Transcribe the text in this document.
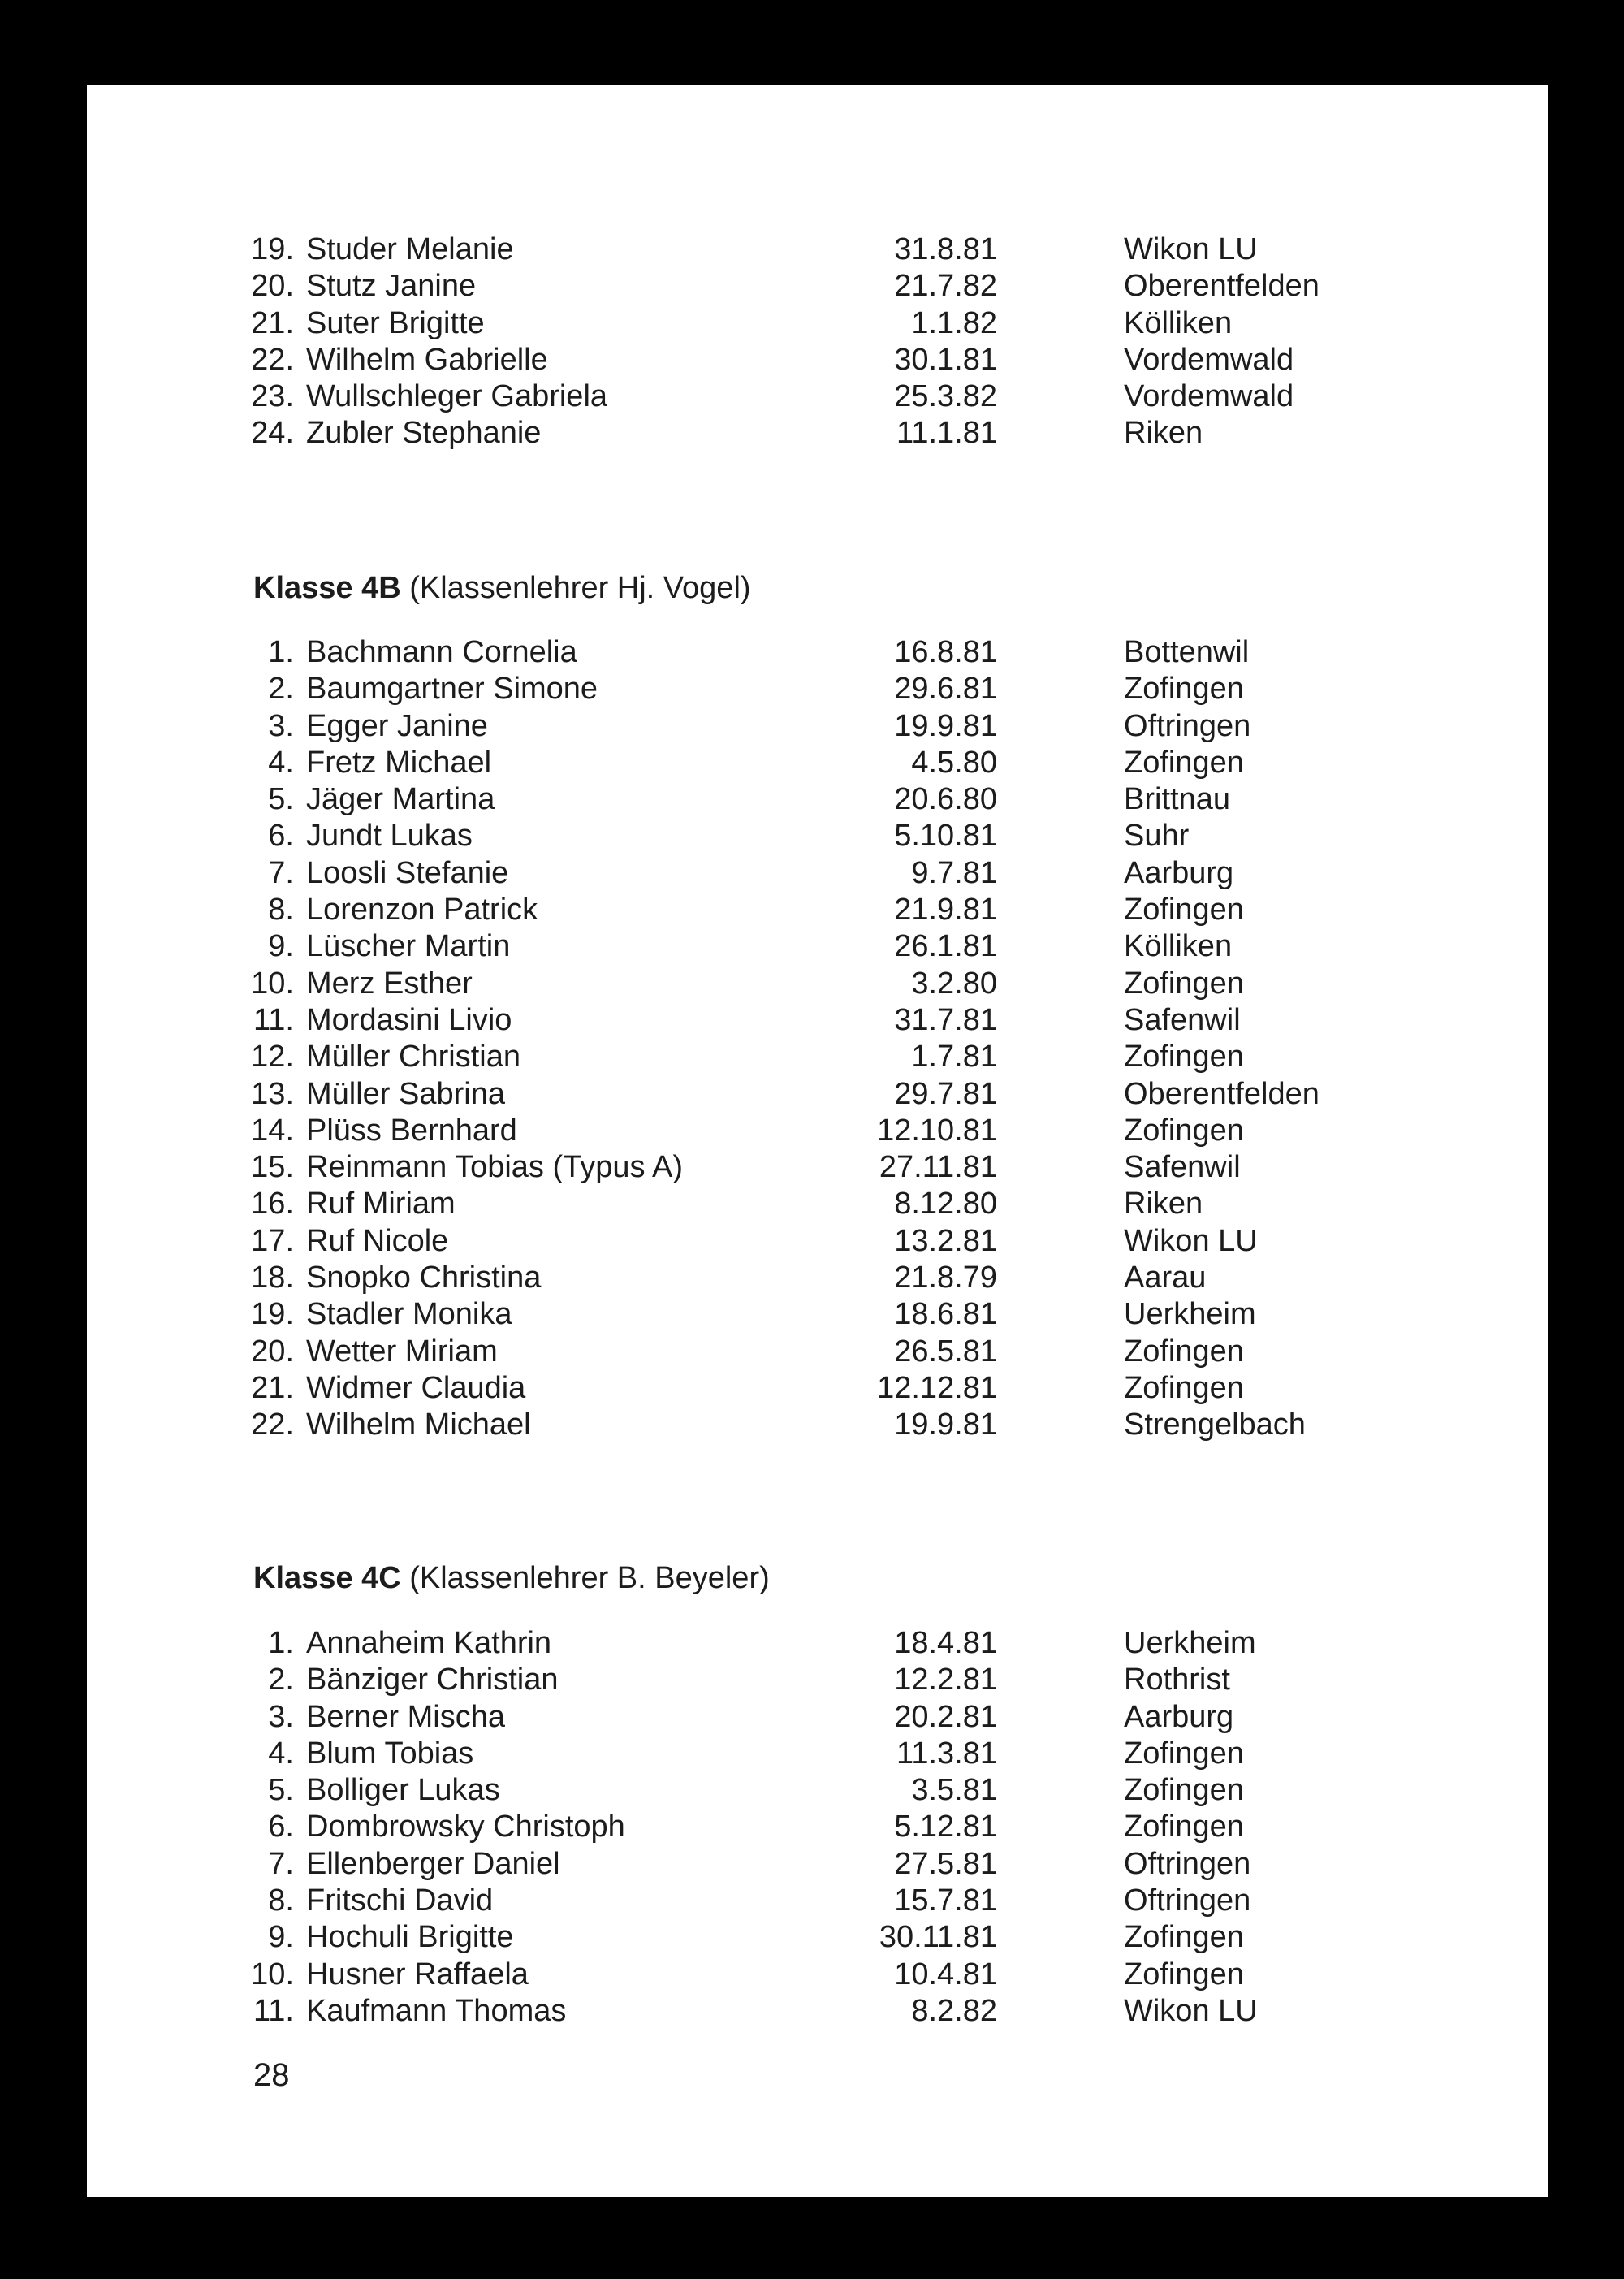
19. Studer Melanie	31.8.81	Wikon LU
20. Stutz Janine	21.7.82	Oberentfelden
21. Suter Brigitte	1.1.82	Kölliken
22. Wilhelm Gabrielle	30.1.81	Vordemwald
23. Wullschleger Gabriela	25.3.82	Vordemwald
24. Zubler Stephanie	11.1.81	Riken
Klasse 4B (Klassenlehrer Hj. Vogel)
1. Bachmann Cornelia	16.8.81	Bottenwil
2. Baumgartner Simone	29.6.81	Zofingen
3. Egger Janine	19.9.81	Oftringen
4. Fretz Michael	4.5.80	Zofingen
5. Jäger Martina	20.6.80	Brittnau
6. Jundt Lukas	5.10.81	Suhr
7. Loosli Stefanie	9.7.81	Aarburg
8. Lorenzon Patrick	21.9.81	Zofingen
9. Lüscher Martin	26.1.81	Kölliken
10. Merz Esther	3.2.80	Zofingen
11. Mordasini Livio	31.7.81	Safenwil
12. Müller Christian	1.7.81	Zofingen
13. Müller Sabrina	29.7.81	Oberentfelden
14. Plüss Bernhard	12.10.81	Zofingen
15. Reinmann Tobias (Typus A)	27.11.81	Safenwil
16. Ruf Miriam	8.12.80	Riken
17. Ruf Nicole	13.2.81	Wikon LU
18. Snopko Christina	21.8.79	Aarau
19. Stadler Monika	18.6.81	Uerkheim
20. Wetter Miriam	26.5.81	Zofingen
21. Widmer Claudia	12.12.81	Zofingen
22. Wilhelm Michael	19.9.81	Strengelbach
Klasse 4C (Klassenlehrer B. Beyeler)
1. Annaheim Kathrin	18.4.81	Uerkheim
2. Bänziger Christian	12.2.81	Rothrist
3. Berner Mischa	20.2.81	Aarburg
4. Blum Tobias	11.3.81	Zofingen
5. Bolliger Lukas	3.5.81	Zofingen
6. Dombrowsky Christoph	5.12.81	Zofingen
7. Ellenberger Daniel	27.5.81	Oftringen
8. Fritschi David	15.7.81	Oftringen
9. Hochuli Brigitte	30.11.81	Zofingen
10. Husner Raffaela	10.4.81	Zofingen
11. Kaufmann Thomas	8.2.82	Wikon LU
28
